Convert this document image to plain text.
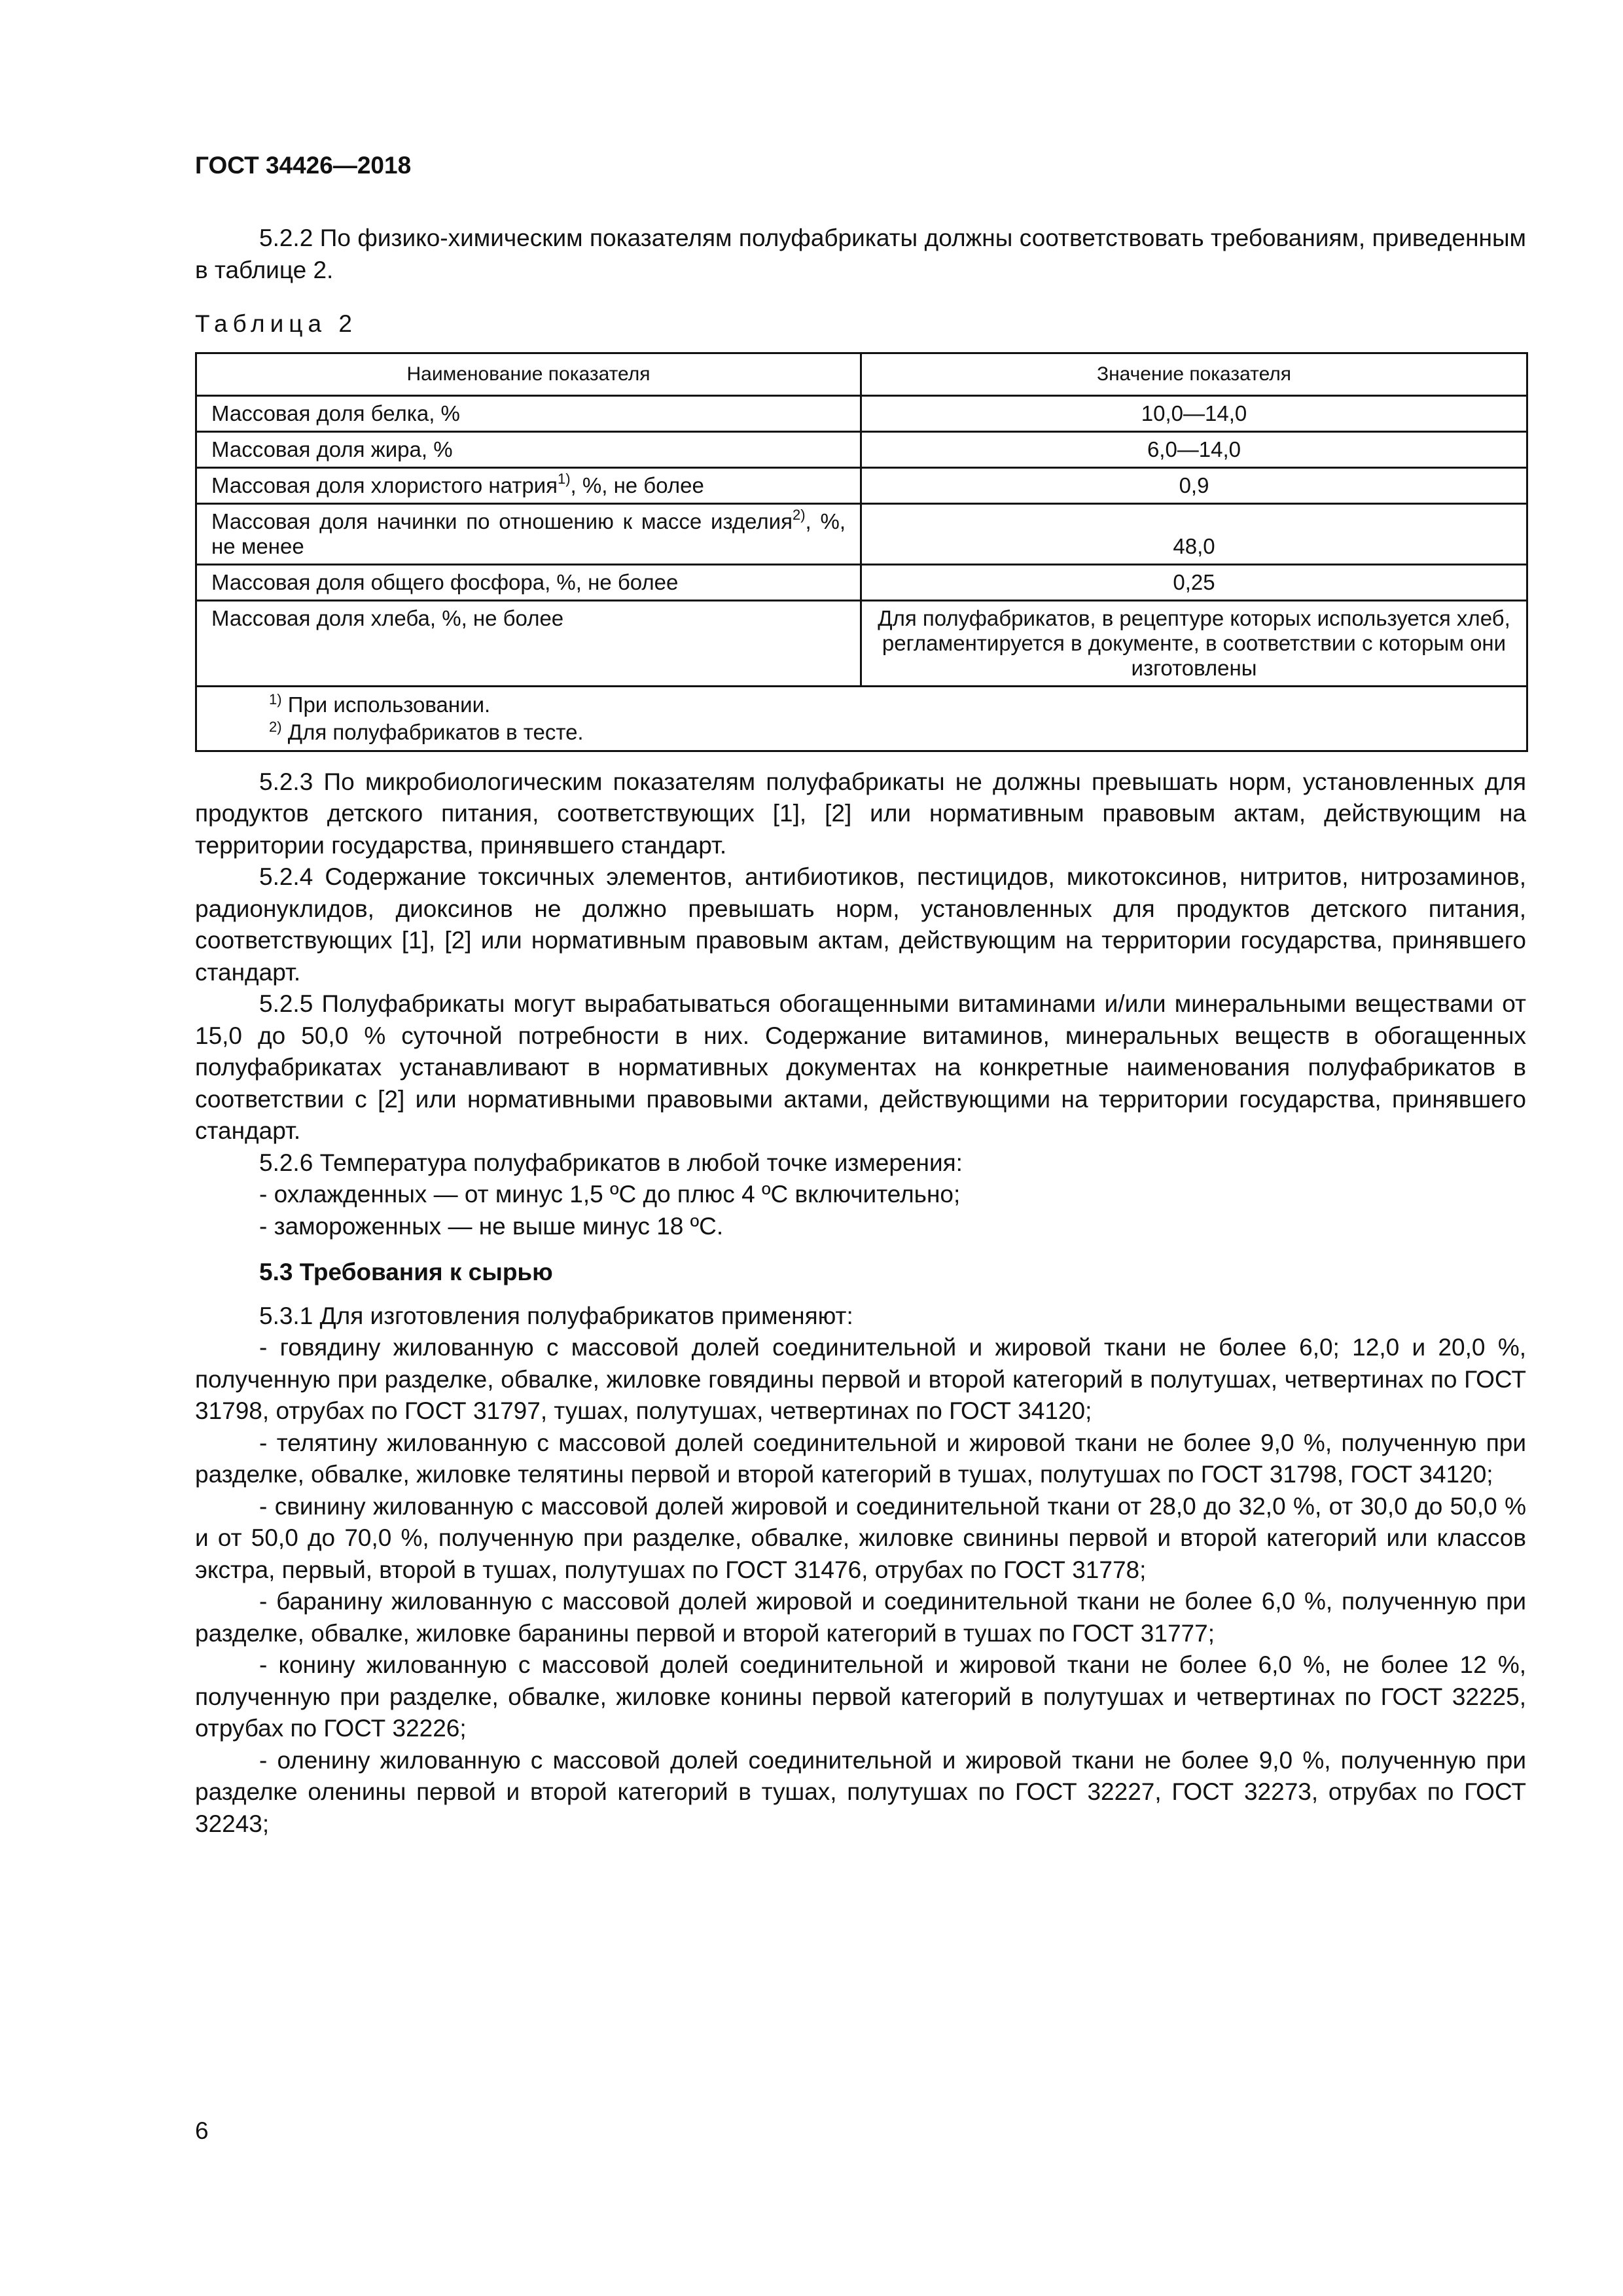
ГОСТ 34426—2018

5.2.2 По физико-химическим показателям полуфабрикаты должны соответствовать требованиям, приведенным в таблице 2.

Таблица 2
Наименование показателя	Значение показателя
Массовая доля белка, %	10,0—14,0
Массовая доля жира, %	6,0—14,0
Массовая доля хлористого натрия$^{1)}$, %, не более	0,9
Массовая доля начинки по отношению к массе изделия$^{2)}$, %, не менее	48,0
Массовая доля общего фосфора, %, не более	0,25
Массовая доля хлеба, %, не более	Для полуфабрикатов, в рецептуре которых используется хлеб, регламентируется в документе, в соответствии с которым они изготовлены

$^{1)}$ При использовании.
$^{2)}$ Для полуфабрикатов в тесте.	

5.2.3 По микробиологическим показателям полуфабрикаты не должны превышать норм, установленных для продуктов детского питания, соответствующих [1], [2] или нормативным правовым актам, действующим на территории государства, принявшего стандарт.

5.2.4 Содержание токсичных элементов, антибиотиков, пестицидов, микотоксинов, нитритов, нитрозаминов, радионуклидов, диоксинов не должно превышать норм, установленных для продуктов детского питания, соответствующих [1], [2] или нормативным правовым актам, действующим на территории государства, принявшего стандарт.

5.2.5 Полуфабрикаты могут вырабатываться обогащенными витаминами и/или минеральными веществами от 15,0 до 50,0 % суточной потребности в них. Содержание витаминов, минеральных веществ в обогащенных полуфабрикатах устанавливают в нормативных документах на конкретные наименования полуфабрикатов в соответствии с [2] или нормативными правовыми актами, действующими на территории государства, принявшего стандарт.

5.2.6 Температура полуфабрикатов в любой точке измерения:

- охлажденных — от минус 1,5 ºС до плюс 4 ºС включительно;

- замороженных — не выше минус 18 ºС.

5.3 Требования к сырью

5.3.1 Для изготовления полуфабрикатов применяют:

- говядину жилованную с массовой долей соединительной и жировой ткани не более 6,0; 12,0 и 20,0 %, полученную при разделке, обвалке, жиловке говядины первой и второй категорий в полутушах, четвертинах по ГОСТ 31798, отрубах по ГОСТ 31797, тушах, полутушах, четвертинах по ГОСТ 34120;

- телятину жилованную с массовой долей соединительной и жировой ткани не более 9,0 %, полученную при разделке, обвалке, жиловке телятины первой и второй категорий в тушах, полутушах по ГОСТ 31798, ГОСТ 34120;

- свинину жилованную с массовой долей жировой и соединительной ткани от 28,0 до 32,0 %, от 30,0 до 50,0 % и от 50,0 до 70,0 %, полученную при разделке, обвалке, жиловке свинины первой и второй категорий или классов экстра, первый, второй в тушах, полутушах по ГОСТ 31476, отрубах по ГОСТ 31778;

- баранину жилованную с массовой долей жировой и соединительной ткани не более 6,0 %, полученную при разделке, обвалке, жиловке баранины первой и второй категорий в тушах по ГОСТ 31777;

- конину жилованную с массовой долей соединительной и жировой ткани не более 6,0 %, не более 12 %, полученную при разделке, обвалке, жиловке конины первой категорий в полутушах и четвертинах по ГОСТ 32225, отрубах по ГОСТ 32226;

- оленину жилованную с массовой долей соединительной и жировой ткани не более 9,0 %, полученную при разделке оленины первой и второй категорий в тушах, полутушах по ГОСТ 32227, ГОСТ 32273, отрубах по ГОСТ 32243;

6
